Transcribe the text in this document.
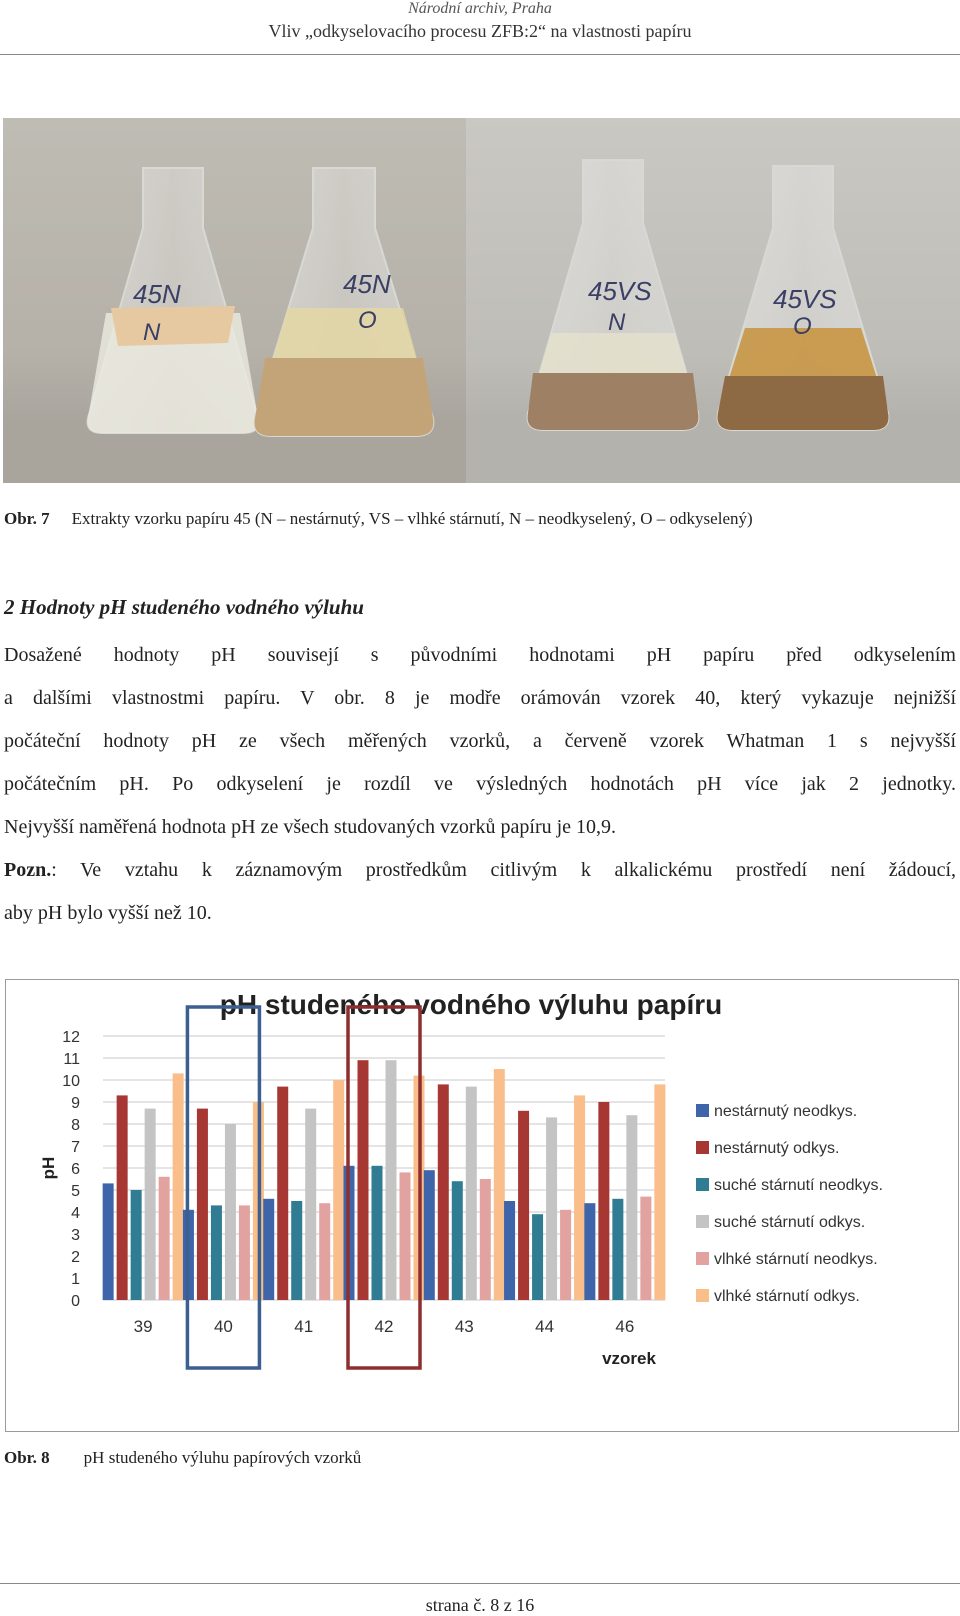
Národní archiv, Praha
Vliv „odkyselovacího procesu ZFB:2“ na vlastnosti papíru
45N
N
45N
O
45VS
N
45VS
O
Obr. 7 Extrakty vzorku papíru 45 (N – nestárnutý, VS – vlhké stárnutí, N – neodkyselený, O – odkyselený)
2 Hodnoty pH studeného vodného výluhu
Dosažené hodnoty pH souvisejí s původními hodnotami pH papíru před odkyselením
a dalšími vlastnostmi papíru. V obr. 8 je modře orámován vzorek 40, který vykazuje nejnižší
počáteční hodnoty pH ze všech měřených vzorků, a červeně vzorek Whatman 1 s nejvyšší
počátečním pH. Po odkyselení je rozdíl ve výsledných hodnotách pH více jak 2 jednotky.
Nejvyšší naměřená hodnota pH ze všech studovaných vzorků papíru je 10,9.
Pozn.: Ve vztahu k záznamovým prostředkům citlivým k alkalickému prostředí není žádoucí,
aby pH bylo vyšší než 10.
pH studeného vodného výluhu papíru
0
1
2
3
4
5
6
7
8
9
10
11
12
pH
39	40	41	42	43	44	46
vzorek
nestárnutý neodkys.
nestárnutý odkys.
suché stárnutí neodkys.
suché stárnutí odkys.
vlhké stárnutí neodkys.
vlhké stárnutí odkys.
Obr. 8 pH studeného výluhu papírových vzorků
strana č. 8 z 16
